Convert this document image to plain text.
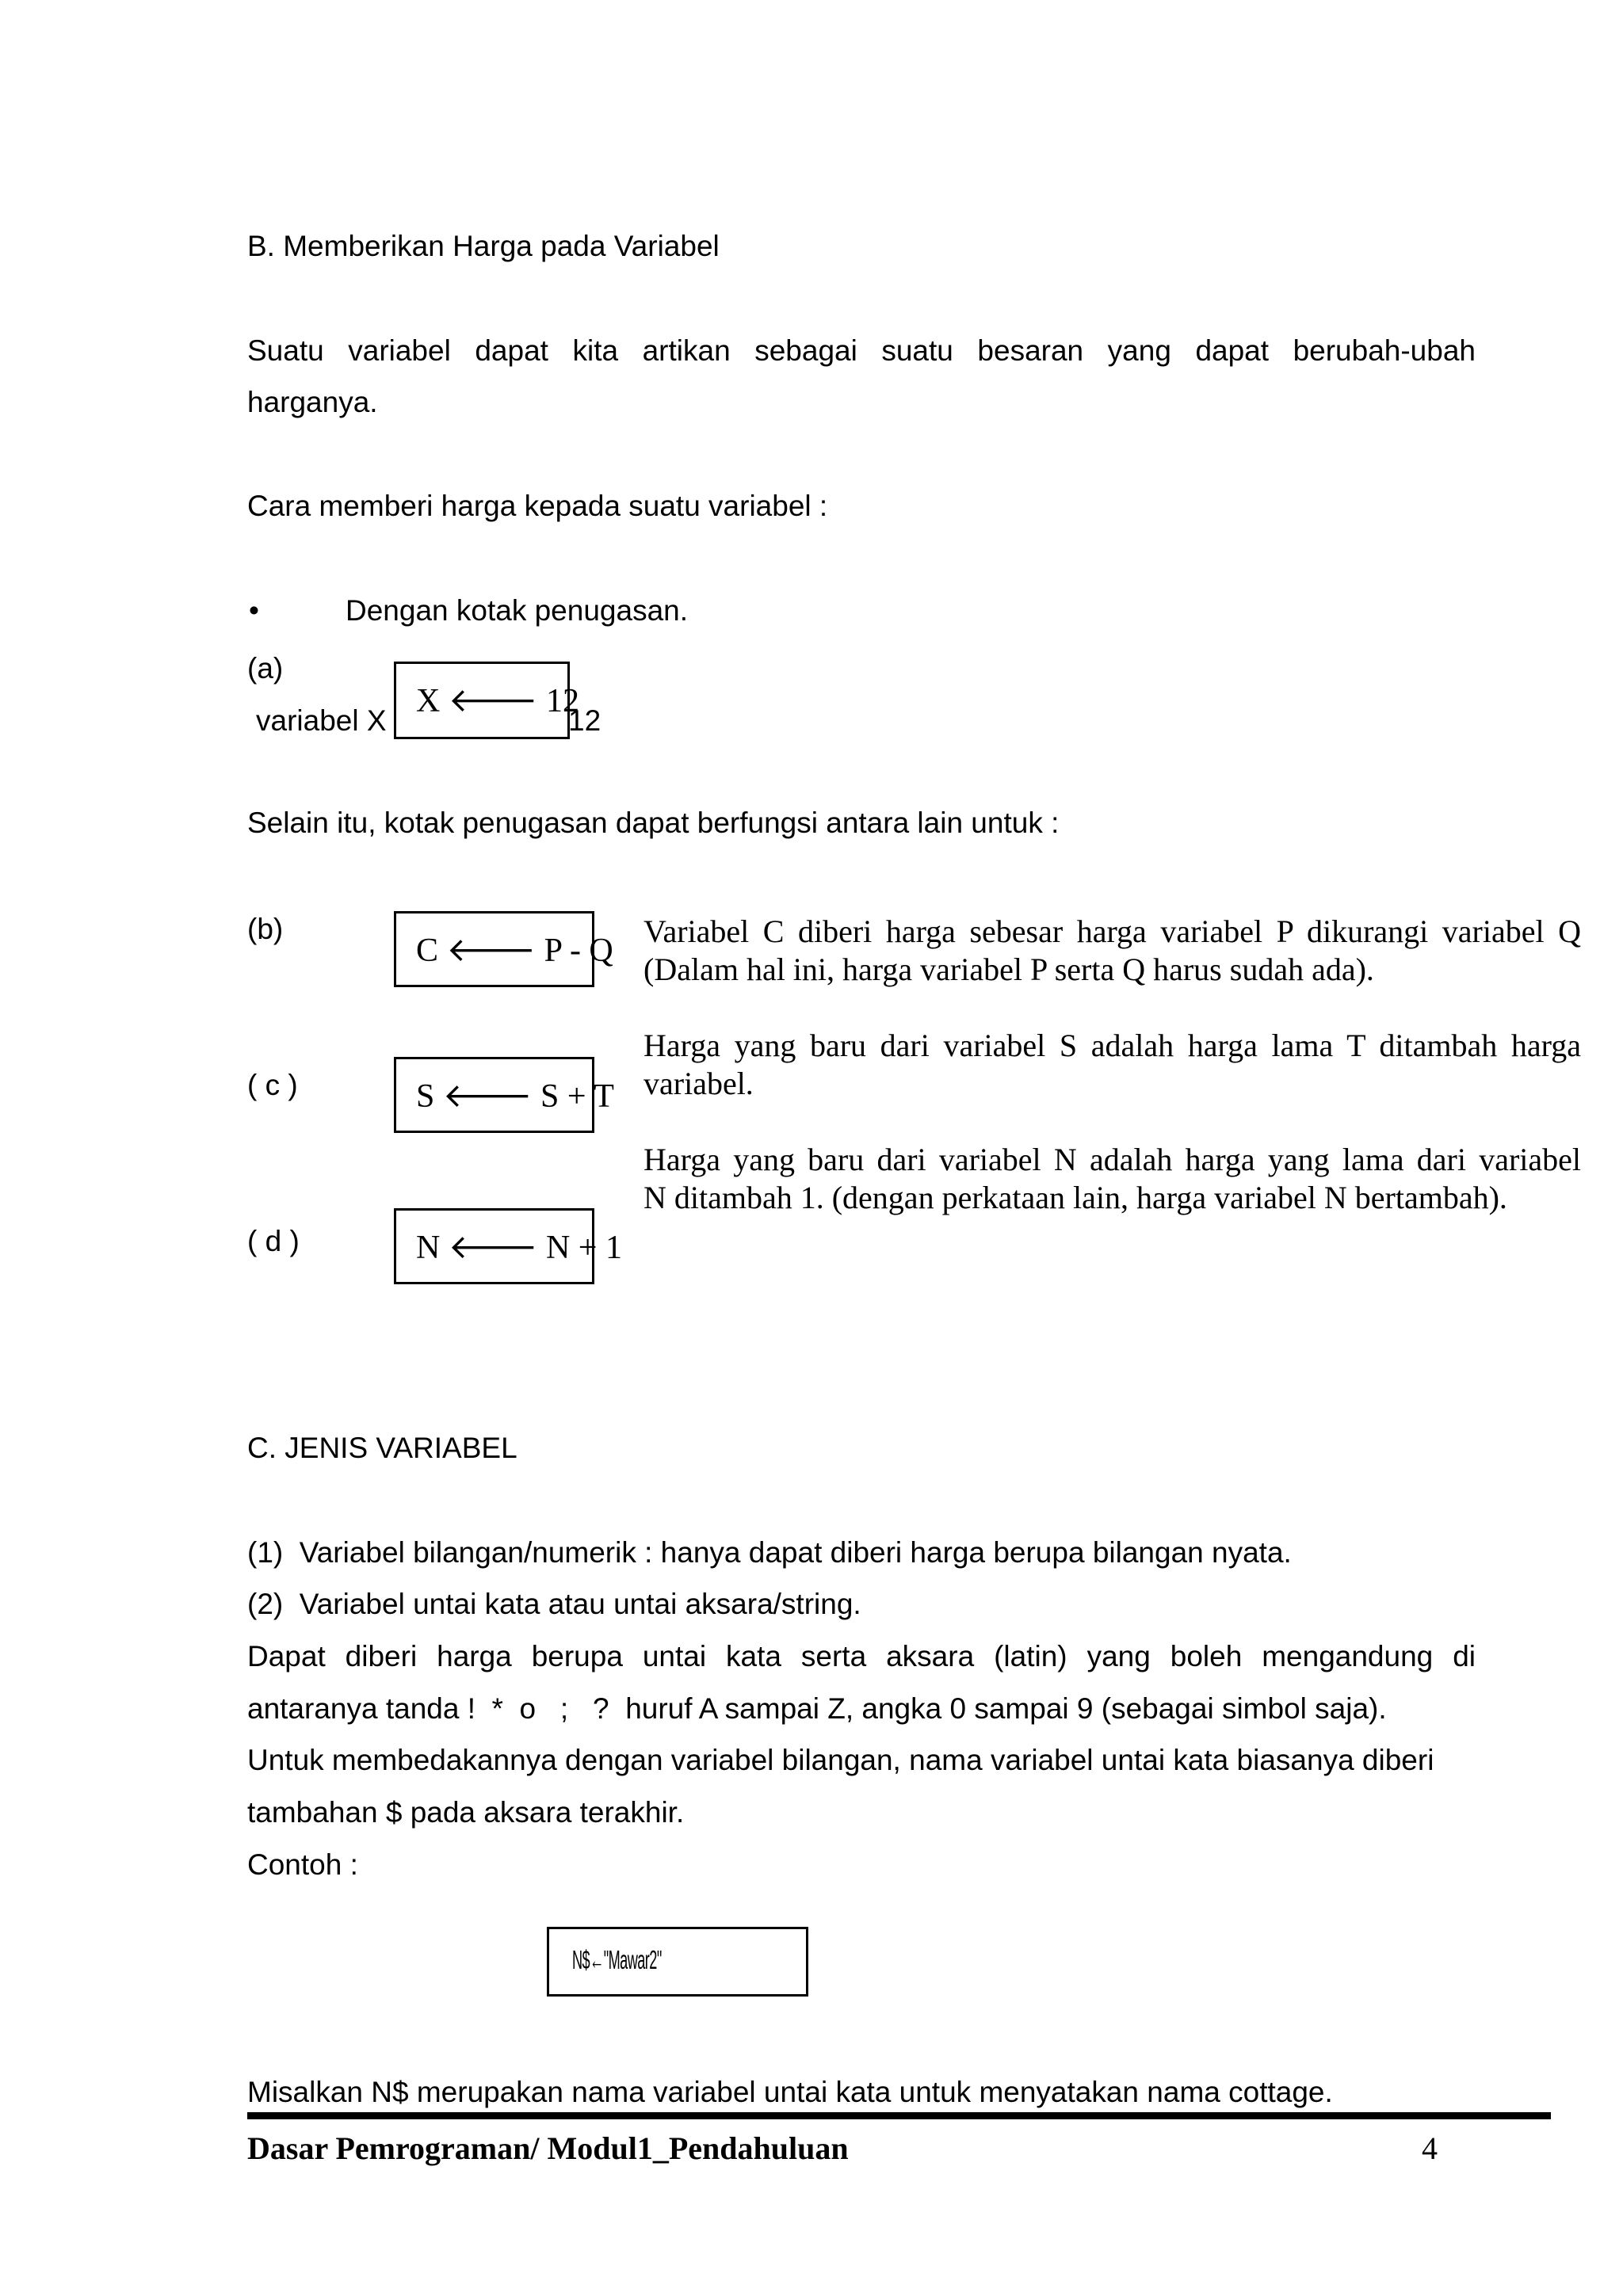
B. Memberikan Harga pada Variabel
Suatu variabel dapat kita artikan sebagai suatu besaran yang dapat berubah-ubah
harganya.
Cara memberi harga kepada suatu variabel :
•	Dengan kotak penugasan.
(a)
variabel X
X 🡐 12
12
Selain itu, kotak penugasan dapat berfungsi antara lain untuk :
(b)
C 🡐 P - Q
Variabel C diberi harga sebesar harga variabel P dikurangi variabel Q
(Dalam hal ini, harga variabel P serta Q harus sudah ada).
( c )	S 🡐 S + T
Harga yang baru dari variabel S adalah harga lama T ditambah harga
variabel.
( d )	N 🡐 N + 1
Harga yang baru dari variabel N adalah harga yang lama dari variabel
N ditambah 1. (dengan perkataan lain, harga variabel N bertambah).
C. JENIS VARIABEL
(1)  Variabel bilangan/numerik : hanya dapat diberi harga berupa bilangan nyata.
(2)  Variabel untai kata atau untai aksara/string.
Dapat diberi harga berupa untai kata serta aksara (latin) yang boleh mengandung di
antaranya tanda !  *  o   ;   ?  huruf A sampai Z, angka 0 sampai 9 (sebagai simbol saja).
Untuk membedakannya dengan variabel bilangan, nama variabel untai kata biasanya diberi
tambahan $ pada aksara terakhir.
Contoh :
N$←"Mawar2"
Misalkan N$ merupakan nama variabel untai kata untuk menyatakan nama cottage.
Dasar Pemrograman/ Modul1_Pendahuluan	4
